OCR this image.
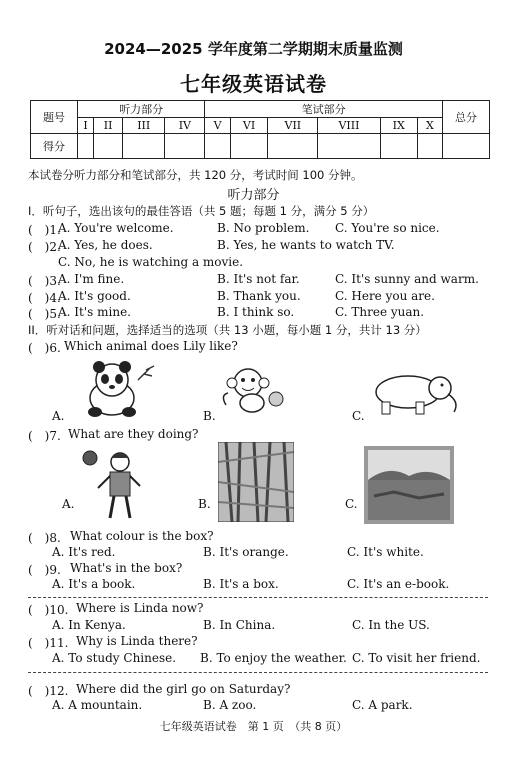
2024—2025 学年度第二学期期末质量监测
七年级英语试卷
题号	听力部分				笔试部分						总分
	I	II	III	IV	V	VI	VII	VIII	IX	X	
得分											
本试卷分听力部分和笔试部分，共 120 分，考试时间 100 分钟。
听力部分
I．听句子，选出该句的最佳答语（共 5 题；每题 1 分，满分 5 分）
(　)1.
A. You're welcome.	B. No problem. C. You're so nice.
(　)2.
A. Yes, he does.	B. Yes, he wants to watch TV.
C. No, he is watching a movie.
(　)3.
A. I'm fine.	B. It's not far.	C. It's sunny and warm.
(　)4.
A. It's good.	B. Thank you.	C. Here you are.
(　)5.
A. It's mine.	B. I think so.	C. Three yuan.
II．听对话和问题，选择适当的选项（共 13 小题，每小题 1 分，共计 13 分）
(　)6. Which animal does Lily like?
A.	B.	C.
(　)7. What are they doing?
A.	B.	C.
(　)8. What colour is the box?
A. It's red.	B. It's orange.	C. It's white.
(　)9. What's in the box?
A. It's a book.	B. It's a box.	C. It's an e-book.
(　)10. Where is Linda now?
A. In Kenya.	B. In China.	C. In the US.
(　)11. Why is Linda there?
A. To study Chinese. B. To enjoy the weather. C. To visit her friend.
(　)12. Where did the girl go on Saturday?
A. A mountain.	B. A zoo.	C. A park.
七年级英语试卷　第 1 页　（共 8 页）
